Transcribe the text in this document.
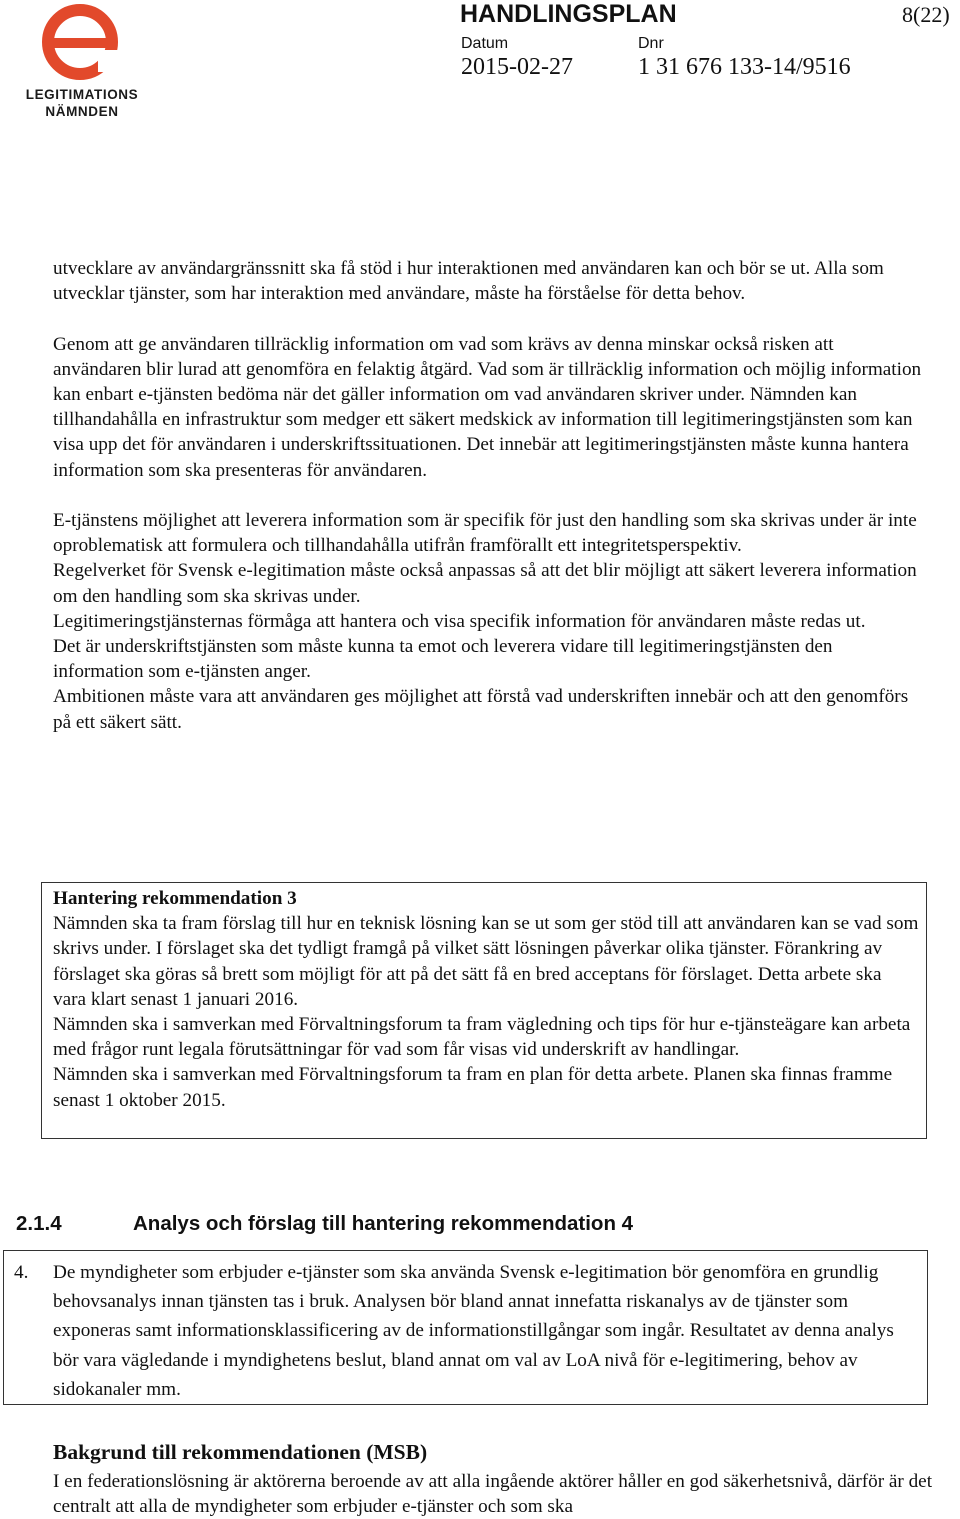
LEGITIMATIONS
NÄMNDEN
HANDLINGSPLAN	8(22)
Datum	Dnr
2015-02-27	1 31 676 133-14/9516

utvecklare av användargränssnitt ska få stöd i hur interaktionen med användaren kan och bör se ut. Alla som utvecklar tjänster, som har interaktion med användare, måste ha förståelse för detta behov.

Genom att ge användaren tillräcklig information om vad som krävs av denna minskar också risken att användaren blir lurad att genomföra en felaktig åtgärd. Vad som är tillräcklig information och möjlig information kan enbart e-tjänsten bedöma när det gäller information om vad användaren skriver under. Nämnden kan tillhandahålla en infrastruktur som medger ett säkert medskick av information till legitimeringstjänsten som kan visa upp det för användaren i underskriftssituationen. Det innebär att legitimeringstjänsten måste kunna hantera information som ska presenteras för användaren.

E-tjänstens möjlighet att leverera information som är specifik för just den handling som ska skrivas under är inte oproblematisk att formulera och tillhandahålla utifrån framförallt ett integritetsperspektiv.

Regelverket för Svensk e-legitimation måste också anpassas så att det blir möjligt att säkert leverera information om den handling som ska skrivas under.

Legitimeringstjänsternas förmåga att hantera och visa specifik information för användaren måste redas ut.

Det är underskriftstjänsten som måste kunna ta emot och leverera vidare till legitimeringstjänsten den information som e-tjänsten anger.

Ambitionen måste vara att användaren ges möjlighet att förstå vad underskriften innebär och att den genomförs på ett säkert sätt.

Hantering rekommendation 3

Nämnden ska ta fram förslag till hur en teknisk lösning kan se ut som ger stöd till att användaren kan se vad som skrivs under. I förslaget ska det tydligt framgå på vilket sätt lösningen påverkar olika tjänster. Förankring av förslaget ska göras så brett som möjligt för att på det sätt få en bred acceptans för förslaget. Detta arbete ska vara klart senast 1 januari 2016.

Nämnden ska i samverkan med Förvaltningsforum ta fram vägledning och tips för hur e-tjänsteägare kan arbeta med frågor runt legala förutsättningar för vad som får visas vid underskrift av handlingar.

Nämnden ska i samverkan med Förvaltningsforum ta fram en plan för detta arbete. Planen ska finnas framme senast 1 oktober 2015.

2.1.4	Analys och förslag till hantering rekommendation 4
4. De myndigheter som erbjuder e-tjänster som ska använda Svensk e-legitimation bör genomföra en grundlig behovsanalys innan tjänsten tas i bruk. Analysen bör bland annat innefatta riskanalys av de tjänster som exponeras samt informationsklassificering av de informationstillgångar som ingår. Resultatet av denna analys bör vara vägledande i myndighetens beslut, bland annat om val av LoA nivå för e-legitimering, behov av sidokanaler mm.
Bakgrund till rekommendationen (MSB)
I en federationslösning är aktörerna beroende av att alla ingående aktörer håller en god säkerhetsnivå, därför är det centralt att alla de myndigheter som erbjuder e-tjänster och som ska
